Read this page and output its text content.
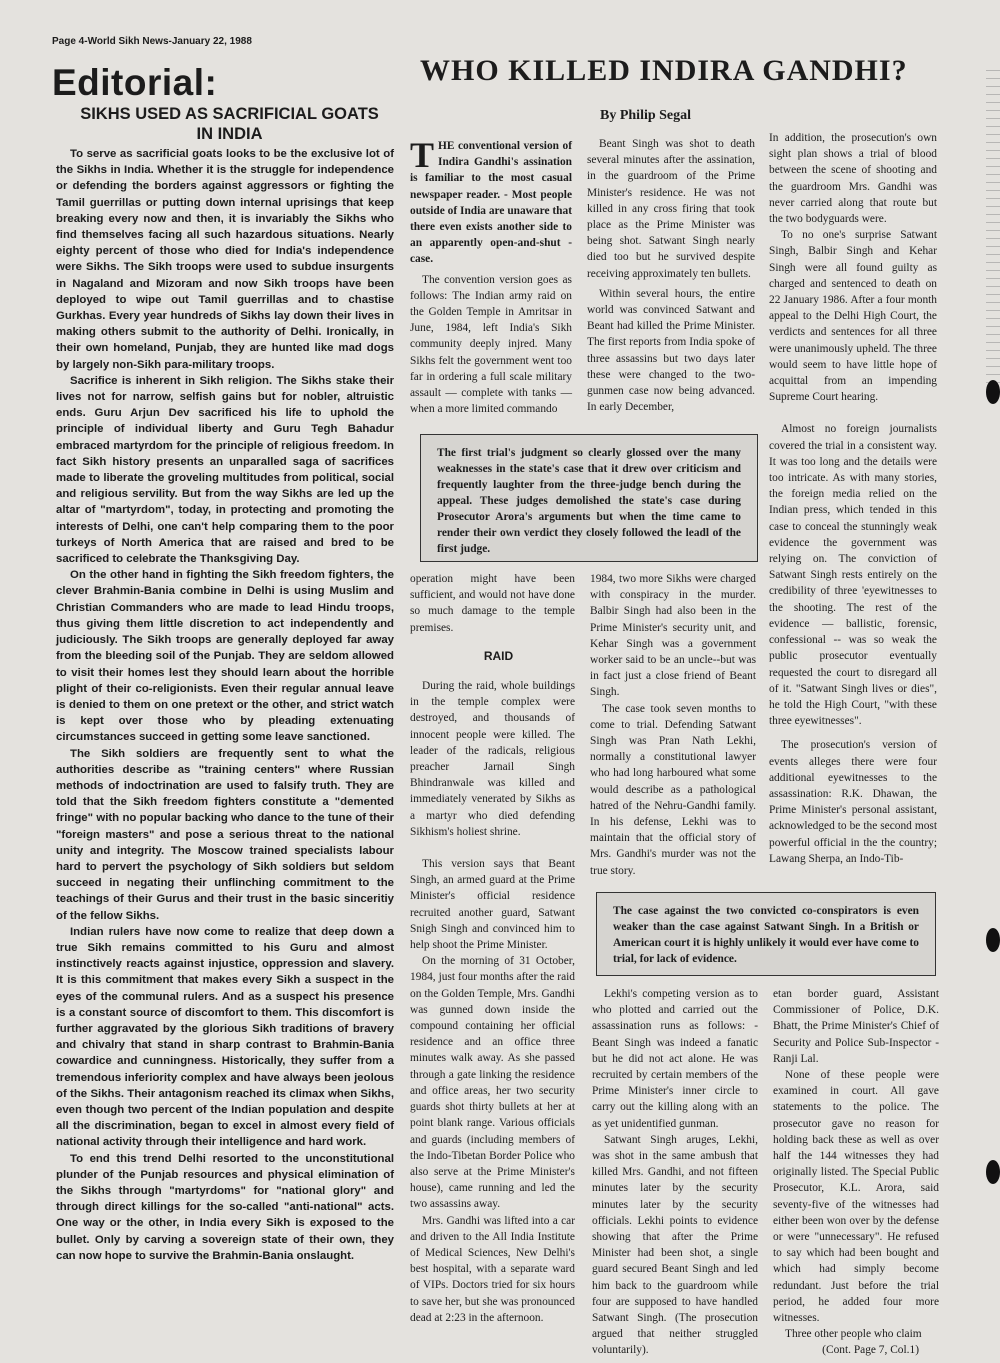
Page 4-World Sikh News-January 22, 1988
Editorial:
SIKHS USED AS SACRIFICIAL GOATS
IN INDIA

To serve as sacrificial goats looks to be the exclusive lot of the Sikhs in India. Whether it is the struggle for independence or defending the borders against aggressors or fighting the Tamil guerrillas or putting down internal uprisings that keep breaking every now and then, it is invariably the Sikhs who find themselves facing all such hazardous situations. Nearly eighty percent of those who died for India's independence were Sikhs. The Sikh troops were used to subdue insurgents in Nagaland and Mizoram and now Sikh troops have been deployed to wipe out Tamil guerrillas and to chastise Gurkhas. Every year hundreds of Sikhs lay down their lives in making others submit to the authority of Delhi. Ironically, in their own homeland, Punjab, they are hunted like mad dogs by largely non-Sikh para-military troops.

Sacrifice is inherent in Sikh religion. The Sikhs stake their lives not for narrow, selfish gains but for nobler, altruistic ends. Guru Arjun Dev sacrificed his life to uphold the principle of individual liberty and Guru Tegh Bahadur embraced martyrdom for the principle of religious freedom. In fact Sikh history presents an unparalled saga of sacrifices made to liberate the groveling multitudes from political, social and religious servility. But from the way Sikhs are led up the altar of "martyrdom", today, in protecting and promoting the interests of Delhi, one can't help comparing them to the poor turkeys of North America that are raised and bred to be sacrificed to celebrate the Thanksgiving Day.

On the other hand in fighting the Sikh freedom fighters, the clever Brahmin-Bania combine in Delhi is using Muslim and Christian Commanders who are made to lead Hindu troops, thus giving them little discretion to act independently and judiciously. The Sikh troops are generally deployed far away from the bleeding soil of the Punjab. They are seldom allowed to visit their homes lest they should learn about the horrible plight of their co-religionists. Even their regular annual leave is denied to them on one pretext or the other, and strict watch is kept over those who by pleading extenuating circumstances succeed in getting some leave sanctioned.

The Sikh soldiers are frequently sent to what the authorities describe as "training centers" where Russian methods of indoctrination are used to falsify truth. They are told that the Sikh freedom fighters constitute a "demented fringe" with no popular backing who dance to the tune of their "foreign masters" and pose a serious threat to the national unity and integrity. The Moscow trained specialists labour hard to pervert the psychology of Sikh soldiers but seldom succeed in negating their unflinching commitment to the teachings of their Gurus and their trust in the basic sinceritiy of the fellow Sikhs.

Indian rulers have now come to realize that deep down a true Sikh remains committed to his Guru and almost instinctively reacts against injustice, oppression and slavery. It is this commitment that makes every Sikh a suspect in the eyes of the communal rulers. And as a suspect his presence is a constant source of discomfort to them. This discomfort is further aggravated by the glorious Sikh traditions of bravery and chivalry that stand in sharp contrast to Brahmin-Bania cowardice and cunningness. Historically, they suffer from a tremendous inferiority complex and have always been jeolous of the Sikhs. Their antagonism reached its climax when Sikhs, even though two percent of the Indian population and despite all the discrimination, began to excel in almost every field of national activity through their intelligence and hard work.

To end this trend Delhi resorted to the unconstitutional plunder of the Punjab resources and physical elimination of the Sikhs through "martyrdoms" for "national glory" and through direct killings for the so-called "anti-national" acts. One way or the other, in India every Sikh is exposed to the bullet. Only by carving a sovereign state of their own, they can now hope to survive the Brahmin-Bania onslaught.

WHO KILLED INDIRA GANDHI?
By Philip Segal

THE conventional version of Indira Gandhi's assination is familiar to the most casual newspaper reader. - Most people outside of India are unaware that there even exists another side to an apparently open-and-shut - case.

The convention version goes as follows: The Indian army raid on the Golden Temple in Amritsar in June, 1984, left India's Sikh community deeply injred. Many Sikhs felt the government went too far in ordering a full scale military assault — complete with tanks — when a more limited commando

Beant Singh was shot to death several minutes after the assination, in the guardroom of the Prime Minister's residence. He was not killed in any cross firing that took place as the Prime Minister was being shot. Satwant Singh nearly died too but he survived despite receiving approximately ten bullets.

Within several hours, the entire world was convinced Satwant and Beant had killed the Prime Minister. The first reports from India spoke of three assassins but two days later these were changed to the two-gunmen case now being advanced. In early December,

In addition, the prosecution's own sight plan shows a trial of blood between the scene of shooting and the guardroom Mrs. Gandhi was never carried along that route but the two bodyguards were.

To no one's surprise Satwant Singh, Balbir Singh and Kehar Singh were all found guilty as charged and sentenced to death on 22 January 1986. After a four month appeal to the Delhi High Court, the verdicts and sentences for all three were unanimously upheld. The three would seem to have little hope of acquittal from an impending Supreme Court hearing.

Almost no foreign journalists covered the trial in a consistent way. It was too long and the details were too intricate. As with many stories, the foreign media relied on the Indian press, which tended in this case to conceal the stunningly weak evidence the government was relying on. The conviction of Satwant Singh rests entirely on the credibility of three 'eyewitnesses to the shooting. The rest of the evidence — ballistic, forensic, confessional -- was so weak the public prosecutor eventually requested the court to disregard all of it. "Satwant Singh lives or dies", he told the High Court, "with these three eyewitnesses".

The prosecution's version of events alleges there were four additional eyewitnesses to the assassination: R.K. Dhawan, the Prime Minister's personal assistant, acknowledged to be the second most powerful official in the the country; Lawang Sherpa, an Indo-Tib-

The first trial's judgment so clearly glossed over the many weaknesses in the state's case that it drew over criticism and frequently laughter from the three-judge bench during the appeal. These judges demolished the state's case during Prosecutor Arora's arguments but when the time came to render their own verdict they closely followed the leadl of the first judge.

operation might have been sufficient, and would not have done so much damage to the temple premises.

RAID

During the raid, whole buildings in the temple complex were destroyed, and thousands of innocent people were killed. The leader of the radicals, religious preacher Jarnail Singh Bhindranwale was killed and immediately venerated by Sikhs as a martyr who died defending Sikhism's holiest shrine.

This version says that Beant Singh, an armed guard at the Prime Minister's official residence recruited another guard, Satwant Snigh Singh and convinced him to help shoot the Prime Minister.

On the morning of 31 October, 1984, just four months after the raid on the Golden Temple, Mrs. Gandhi was gunned down inside the compound containing her official residence and an office three minutes walk away. As she passed through a gate linking the residence and office areas, her two security guards shot thirty bullets at her at point blank range. Various officials and guards (including members of the Indo-Tibetan Border Police who also serve at the Prime Minister's house), came running and led the two assassins away.

Mrs. Gandhi was lifted into a car and driven to the All India Institute of Medical Sciences, New Delhi's best hospital, with a separate ward of VIPs. Doctors tried for six hours to save her, but she was pronounced dead at 2:23 in the afternoon.

1984, two more Sikhs were charged with conspiracy in the murder. Balbir Singh had also been in the Prime Minister's security unit, and Kehar Singh was a government worker said to be an uncle--but was in fact just a close friend of Beant Singh.

The case took seven months to come to trial. Defending Satwant Singh was Pran Nath Lekhi, normally a constitutional lawyer who had long harboured what some would describe as a pathological hatred of the Nehru-Gandhi family. In his defense, Lekhi was to maintain that the official story of Mrs. Gandhi's murder was not the true story.

The case against the two convicted co-conspirators is even weaker than the case against Satwant Singh. In a British or American court it is highly unlikely it would ever have come to trial, for lack of evidence.

Lekhi's competing version as to who plotted and carried out the assassination runs as follows: - Beant Singh was indeed a fanatic but he did not act alone. He was recruited by certain members of the Prime Minister's inner circle to carry out the killing along with an as yet unidentified gunman.

Satwant Singh aruges, Lekhi, was shot in the same ambush that killed Mrs. Gandhi, and not fifteen minutes later by the security minutes later by the security officials. Lekhi points to evidence showing that after the Prime Minister had been shot, a single guard secured Beant Singh and led him back to the guardroom while four are supposed to have handled Satwant Singh. (The prosecution argued that neither struggled voluntarily).

etan border guard, Assistant Commissioner of Police, D.K. Bhatt, the Prime Minister's Chief of Security and Police Sub-Inspector - Ranji Lal.

None of these people were examined in court. All gave statements to the police. The prosecutor gave no reason for holding back these as well as over half the 144 witnesses they had originally listed. The Special Public Prosecutor, K.L. Arora, said seventy-five of the witnesses had either been won over by the defense or were "unnecessary". He refused to say which had been bought and which had simply become redundant. Just before the trial period, he added four more witnesses.

Three other people who claim

(Cont. Page 7, Col.1)
